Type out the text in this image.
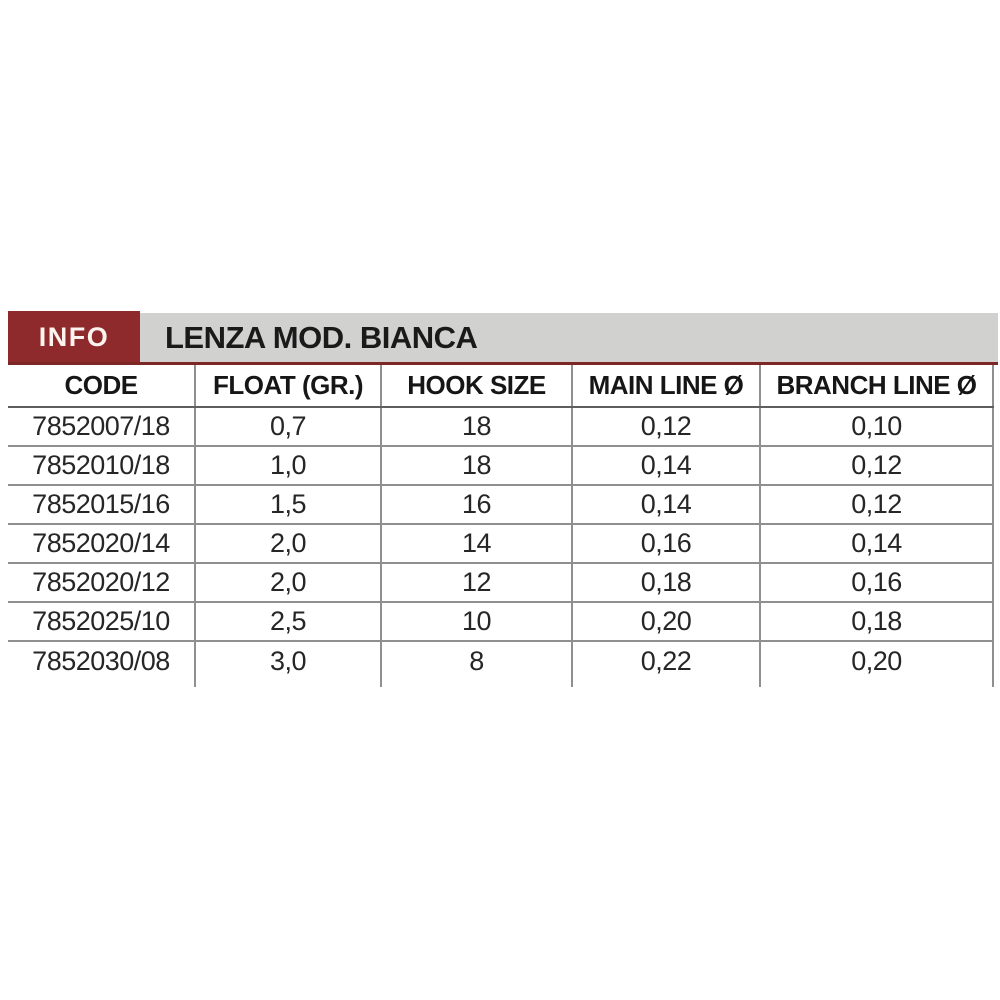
LENZA MOD. BIANCA
INFO
CODE	FLOAT (GR.)	HOOK SIZE	MAIN LINE Ø	BRANCH LINE Ø
7852007/18	0,7	18	0,12	0,10
7852010/18	1,0	18	0,14	0,12
7852015/16	1,5	16	0,14	0,12
7852020/14	2,0	14	0,16	0,14
7852020/12	2,0	12	0,18	0,16
7852025/10	2,5	10	0,20	0,18
7852030/08	3,0	8	0,22	0,20
